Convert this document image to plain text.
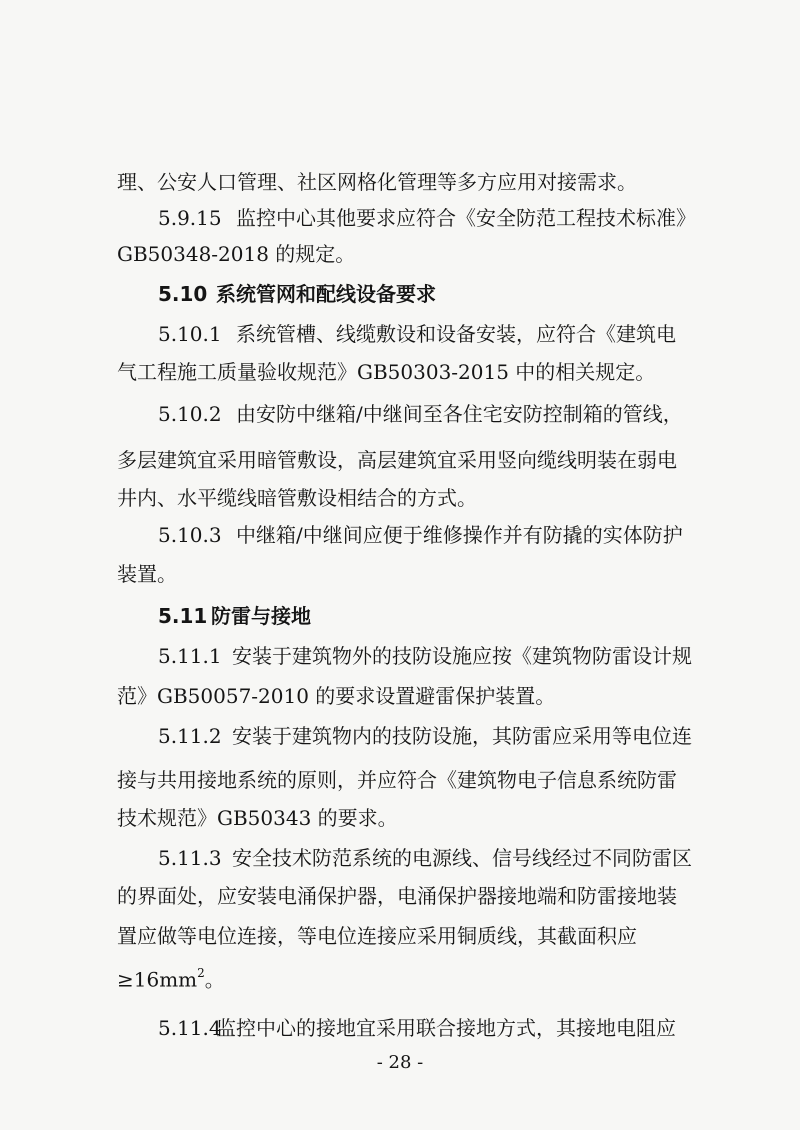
理、公安人口管理、社区网格化管理等多方应用对接需求。
5.9.15 监控中心其他要求应符合《安全防范工程技术标准》
GB50348-2018 的规定。
5.10 系统管网和配线设备要求
5.10.1 系统管槽、线缆敷设和设备安装，应符合《建筑电
气工程施工质量验收规范》GB50303-2015 中的相关规定。
5.10.2 由安防中继箱/中继间至各住宅安防控制箱的管线，
多层建筑宜采用暗管敷设，高层建筑宜采用竖向缆线明装在弱电
井内、水平缆线暗管敷设相结合的方式。
5.10.3 中继箱/中继间应便于维修操作并有防撬的实体防护
装置。
5.11 防雷与接地
5.11.1 安装于建筑物外的技防设施应按《建筑物防雷设计规
范》GB50057-2010 的要求设置避雷保护装置。
5.11.2 安装于建筑物内的技防设施，其防雷应采用等电位连
接与共用接地系统的原则，并应符合《建筑物电子信息系统防雷
技术规范》GB50343 的要求。
5.11.3 安全技术防范系统的电源线、信号线经过不同防雷区
的界面处，应安装电涌保护器，电涌保护器接地端和防雷接地装
置应做等电位连接，等电位连接应采用铜质线，其截面积应
$\ge 16mm^2$。
5.11.4
监控中心的接地宜采用联合接地方式，其接地电阻应
- 28 -
